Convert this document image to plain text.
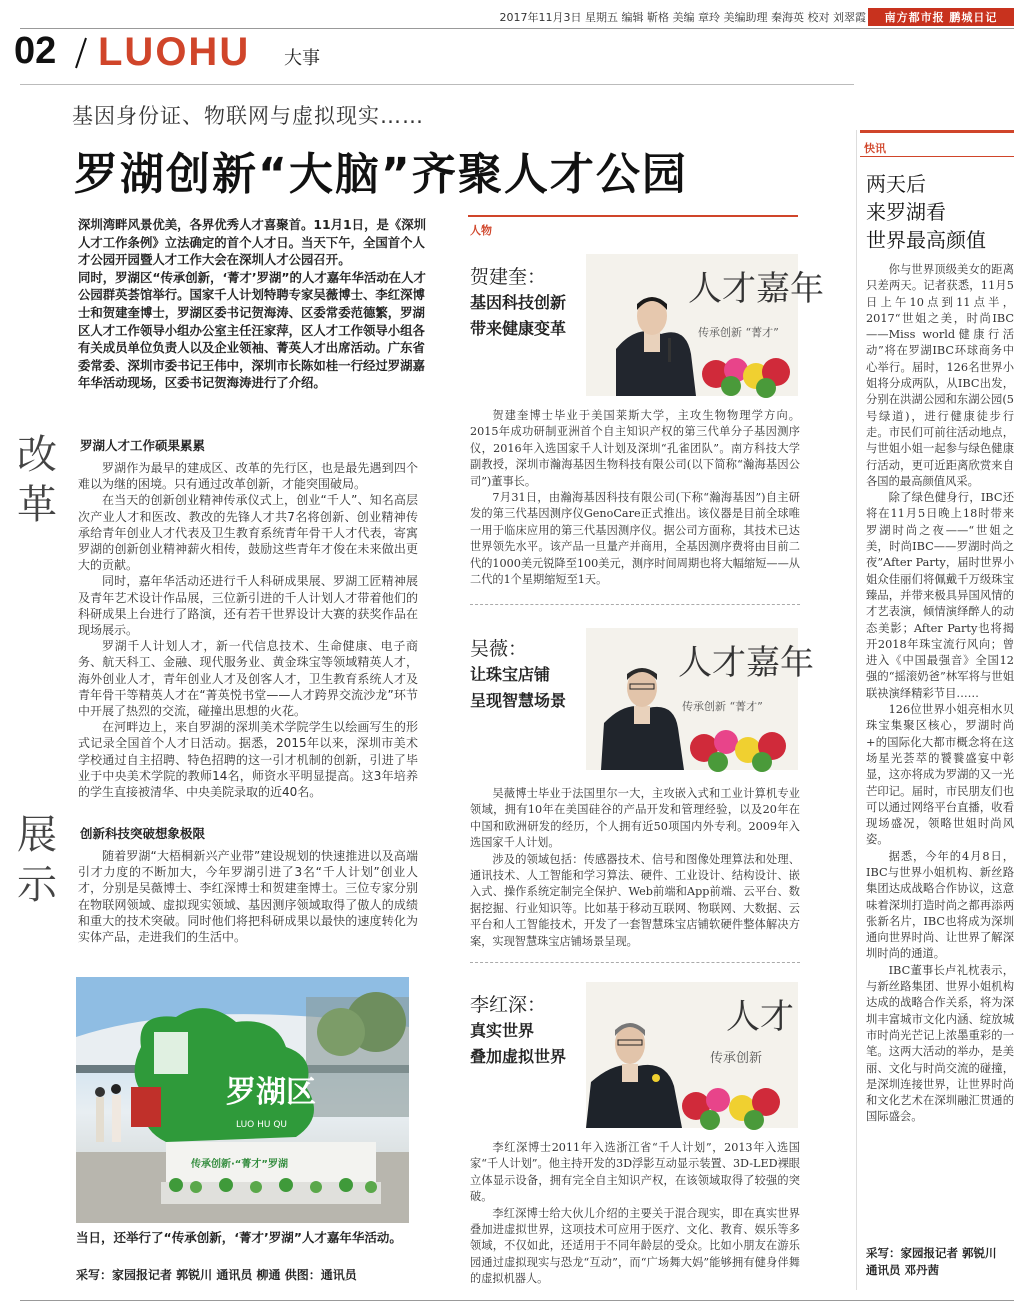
2017年11月3日 星期五 编辑 靳格 美编 章玲 美编助理 秦海英 校对 刘翠霞	南方都市报 鹏城日记
02 LUOHU 大事
基因身份证、物联网与虚拟现实……
罗湖创新“大脑”齐聚人才公园

深圳湾畔风景优美，各界优秀人才喜聚首。11月1日，是《深圳人才工作条例》立法确定的首个人才日。当天下午，全国首个人才公园开园暨人才工作大会在深圳人才公园召开。

同时，罗湖区“传承创新，‘菁才’罗湖”的人才嘉年华活动在人才公园群英荟馆举行。国家千人计划特聘专家吴薇博士、李红深博士和贺建奎博士，罗湖区委书记贺海涛、区委常委范德繁，罗湖区人才工作领导小组办公室主任汪家萍，区人才工作领导小组各有关成员单位负责人以及企业领袖、菁英人才出席活动。广东省委常委、深圳市委书记王伟中，深圳市长陈如桂一行经过罗湖嘉年华活动现场，区委书记贺海涛进行了介绍。

改革
展示
罗湖人才工作硕果累累

罗湖作为最早的建成区、改革的先行区，也是最先遇到四个难以为继的困境。只有通过改革创新，才能突围破局。

在当天的创新创业精神传承仪式上，创业“千人”、知名高层次产业人才和医改、教改的先锋人才共7名将创新、创业精神传承给青年创业人才代表及卫生教育系统青年骨干人才代表，寄寓罗湖的创新创业精神薪火相传，鼓励这些青年才俊在未来做出更大的贡献。

同时，嘉年华活动还进行千人科研成果展、罗湖工匠精神展及青年艺术设计作品展，三位新引进的千人计划人才带着他们的科研成果上台进行了路演，还有若干世界设计大赛的获奖作品在现场展示。

罗湖千人计划人才，新一代信息技术、生命健康、电子商务、航天科工、金融、现代服务业、黄金珠宝等领域精英人才，海外创业人才，青年创业人才及创客人才，卫生教育系统人才及青年骨干等精英人才在“菁英悦书堂——人才跨界交流沙龙”环节中开展了热烈的交流，碰撞出思想的火花。

在河畔边上，来自罗湖的深圳美术学院学生以绘画写生的形式记录全国首个人才日活动。据悉，2015年以来，深圳市美术学校通过自主招聘、特色招聘的这一引才机制的创新，引进了毕业于中央美术学院的教师14名，师资水平明显提高。这3年培养的学生直接被清华、中央美院录取的近40名。

创新科技突破想象极限

随着罗湖“大梧桐新兴产业带”建设规划的快速推进以及高端引才力度的不断加大，今年罗湖引进了3名“千人计划”创业人才，分别是吴薇博士、李红深博士和贺建奎博士。三位专家分别在物联网领域、虚拟现实领域、基因测序领域取得了傲人的成绩和重大的技术突破。同时他们将把科研成果以最快的速度转化为实体产品，走进我们的生活中。

罗湖区
LUO HU QU
传承创新·“菁才”罗湖
当日，还举行了“传承创新，‘菁才’罗湖”人才嘉年华活动。
采写：家园报记者 郭锐川 通讯员 柳通 供图：通讯员
人物
贺建奎：
基因科技创新
带来健康变革
人才嘉年
传承创新 “菁才”

贺建奎博士毕业于美国莱斯大学，主攻生物物理学方向。2015年成功研制亚洲首个自主知识产权的第三代单分子基因测序仪，2016年入选国家千人计划及深圳“孔雀团队”。南方科技大学副教授，深圳市瀚海基因生物科技有限公司(以下简称“瀚海基因公司”)董事长。

7月31日，由瀚海基因科技有限公司(下称“瀚海基因”)自主研发的第三代基因测序仪GenoCare正式推出。该仪器是目前全球唯一用于临床应用的第三代基因测序仪。据公司方面称，其技术已达世界领先水平。该产品一旦量产并商用，全基因测序费将由目前二代的1000美元锐降至100美元，测序时间周期也将大幅缩短——从二代的1个星期缩短至1天。

吴薇：
让珠宝店铺
呈现智慧场景
人才嘉年
传承创新 “菁才”

吴薇博士毕业于法国里尔一大，主攻嵌入式和工业计算机专业领域，拥有10年在美国硅谷的产品开发和管理经验，以及20年在中国和欧洲研发的经历，个人拥有近50项国内外专利。2009年入选国家千人计划。

涉及的领域包括：传感器技术、信号和图像处理算法和处理、通讯技术、人工智能和学习算法、硬件、工业设计、结构设计、嵌入式、操作系统定制完全保护、Web前端和App前端、云平台、数据挖掘、行业知识等。比如基于移动互联网、物联网、大数据、云平台和人工智能技术，开发了一套智慧珠宝店铺软硬件整体解决方案，实现智慧珠宝店铺场景呈现。

李红深：
真实世界
叠加虚拟世界
人才
传承创新

李红深博士2011年入选浙江省“千人计划”，2013年入选国家“千人计划”。他主持开发的3D浮影互动显示装置、3D-LED裸眼立体显示设备，拥有完全自主知识产权，在该领域取得了较强的突破。

李红深博士给大伙儿介绍的主要关于混合现实，即在真实世界叠加进虚拟世界，这项技术可应用于医疗、文化、教育、娱乐等多领域，不仅如此，还适用于不同年龄层的受众。比如小朋友在游乐园通过虚拟现实与恐龙“互动”，而“广场舞大妈”能够拥有健身伴舞的虚拟机器人。

快讯
两天后
来罗湖看
世界最高颜值

你与世界顶级美女的距离只差两天。记者获悉，11月5日上午10点到11点半，2017“世姐之美，时尚IBC——Miss world健康行活动”将在罗湖IBC环球商务中心举行。届时，126名世界小姐将分成两队，从IBC出发，分别在洪湖公园和东湖公园(5号绿道)，进行健康徒步行走。市民们可前往活动地点，与世姐小姐一起参与绿色健康行活动，更可近距离欣赏来自各国的最高颜值风采。

除了绿色健身行，IBC还将在11月5日晚上18时带来罗湖时尚之夜——“世姐之美，时尚IBC——罗湖时尚之夜”After Party，届时世界小姐众佳丽们将佩戴千万级珠宝臻品，并带来极具异国风情的才艺表演，倾情演绎醉人的动态美影；After Party也将揭开2018年珠宝流行风向；曾进入《中国最强音》全国12强的“摇滚奶爸”林军将与世姐联袂演绎精彩节目……

126位世界小姐亮相水贝珠宝集聚区核心，罗湖时尚+的国际化大都市概念将在这场星光荟萃的饕餮盛宴中彰显，这亦将成为罗湖的又一光芒印记。届时，市民朋友们也可以通过网络平台直播，收看现场盛况，领略世姐时尚风姿。

据悉，今年的4月8日，IBC与世界小姐机构、新丝路集团达成战略合作协议，这意味着深圳打造时尚之都再添两张新名片，IBC也将成为深圳通向世界时尚、让世界了解深圳时尚的通道。

IBC董事长卢礼枕表示，与新丝路集团、世界小姐机构达成的战略合作关系，将为深圳丰富城市文化内涵、绽放城市时尚光芒记上浓墨重彩的一笔。这两大活动的举办，是美丽、文化与时尚交流的碰撞，是深圳连接世界，让世界时尚和文化艺术在深圳融汇贯通的国际盛会。

采写：家园报记者 郭锐川
通讯员 邓丹茜
